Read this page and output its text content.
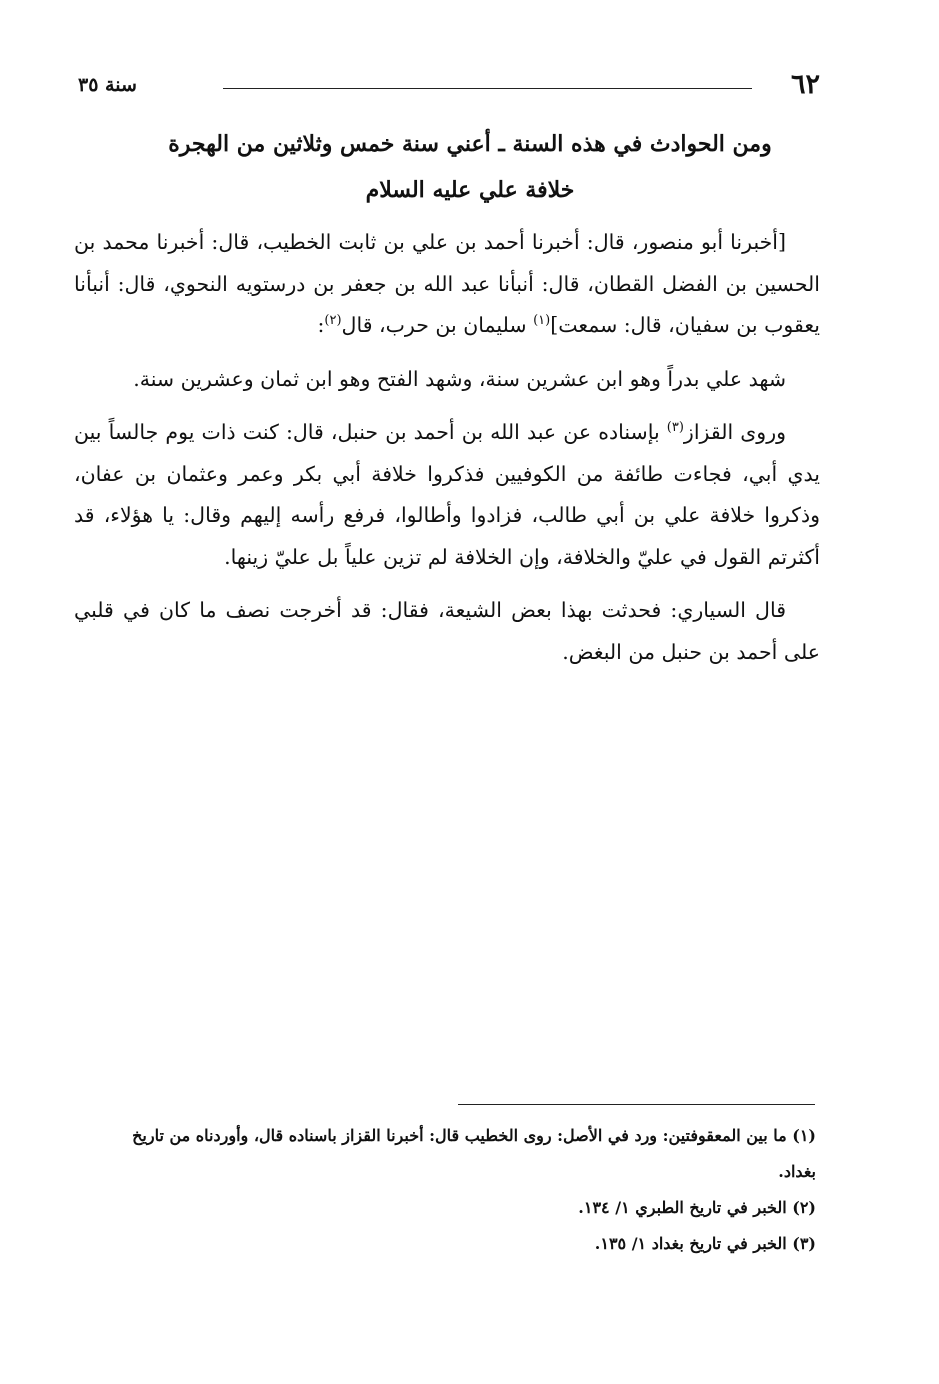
٦٢
سنة ٣٥
ومن الحوادث في هذه السنة ـ أعني سنة خمس وثلاثين من الهجرة
خلافة علي عليه السلام

[أخبرنا أبو منصور، قال: أخبرنا أحمد بن علي بن ثابت الخطيب، قال: أخبرنا محمد بن الحسين بن الفضل القطان، قال: أنبأنا عبد الله بن جعفر بن درستويه النحوي، قال: أنبأنا يعقوب بن سفيان، قال: سمعت]$^{(١)}$ سليمان بن حرب، قال$^{(٢)}$:

شهد علي بدراً وهو ابن عشرين سنة، وشهد الفتح وهو ابن ثمان وعشرين سنة.

وروى القزاز$^{(٣)}$ بإسناده عن عبد الله بن أحمد بن حنبل، قال: كنت ذات يوم جالساً بين يدي أبي، فجاءت طائفة من الكوفيين فذكروا خلافة أبي بكر وعمر وعثمان بن عفان، وذكروا خلافة علي بن أبي طالب، فزادوا وأطالوا، فرفع رأسه إليهم وقال: يا هؤلاء، قد أكثرتم القول في عليّ والخلافة، وإن الخلافة لم تزين علياً بل عليّ زينها.

قال السياري: فحدثت بهذا بعض الشيعة، فقال: قد أخرجت نصف ما كان في قلبي على أحمد بن حنبل من البغض.

(١) ما بين المعقوفتين: ورد في الأصل: روى الخطيب قال: أخبرنا القزاز باسناده قال، وأوردناه من تاريخ
بغداد.
(٢) الخبر في تاريخ الطبري ١/ ١٣٤.
(٣) الخبر في تاريخ بغداد ١/ ١٣٥.
